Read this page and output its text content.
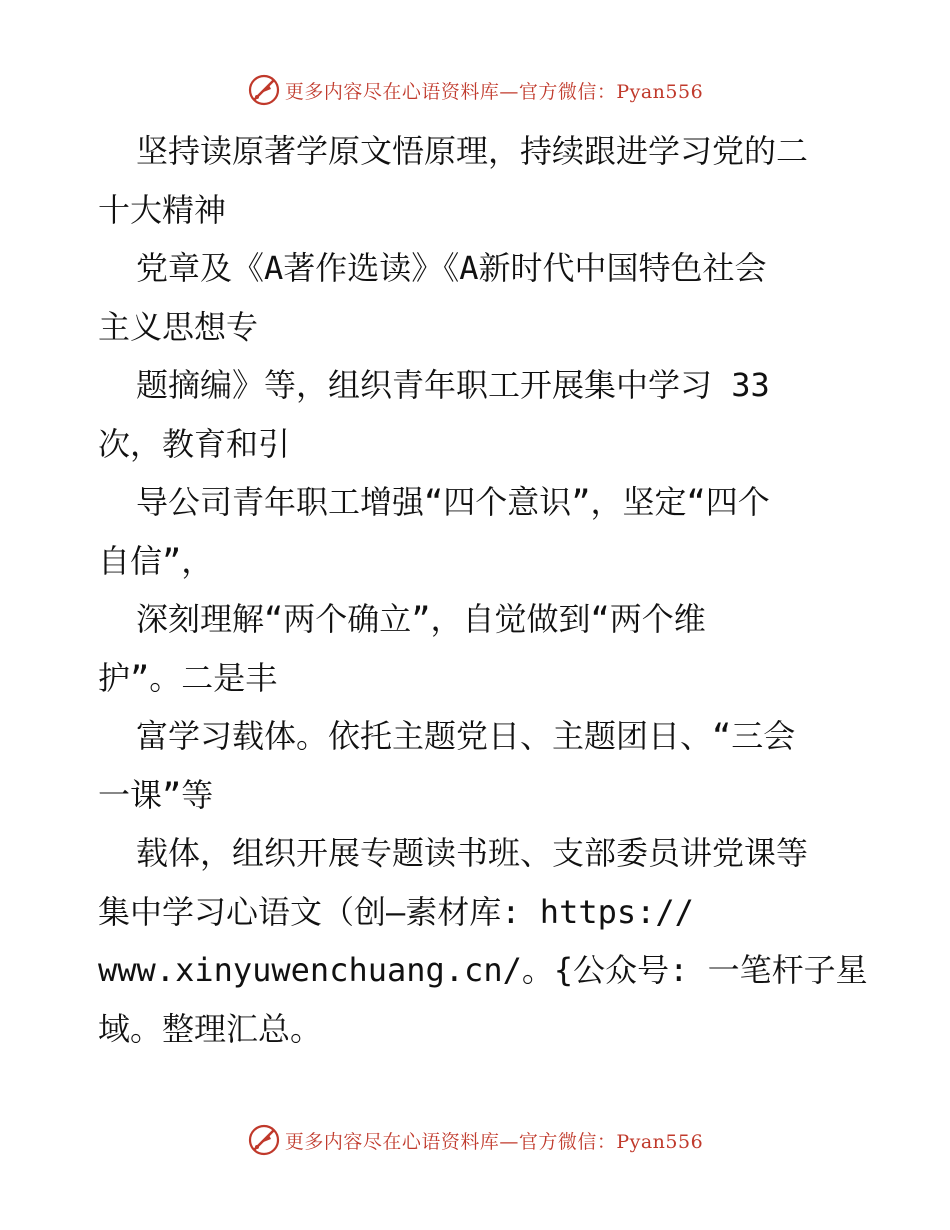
更多内容尽在心语资料库—官方微信：Pyan556
坚持读原著学原文悟原理，持续跟进学习党的二
十大精神
党章及《A著作选读》《A新时代中国特色社会
主义思想专
题摘编》等，组织青年职工开展集中学习 33
次，教育和引
导公司青年职工增强“四个意识”，坚定“四个
自信”，
深刻理解“两个确立”，自觉做到“两个维
护”。二是丰
富学习载体。依托主题党日、主题团日、“三会
一课”等
载体，组织开展专题读书班、支部委员讲党课等
集中学习心语文（创—素材库: https://
www.xinyuwenchuang.cn/。{公众号: 一笔杆子星
域。整理汇总。
更多内容尽在心语资料库—官方微信：Pyan556
